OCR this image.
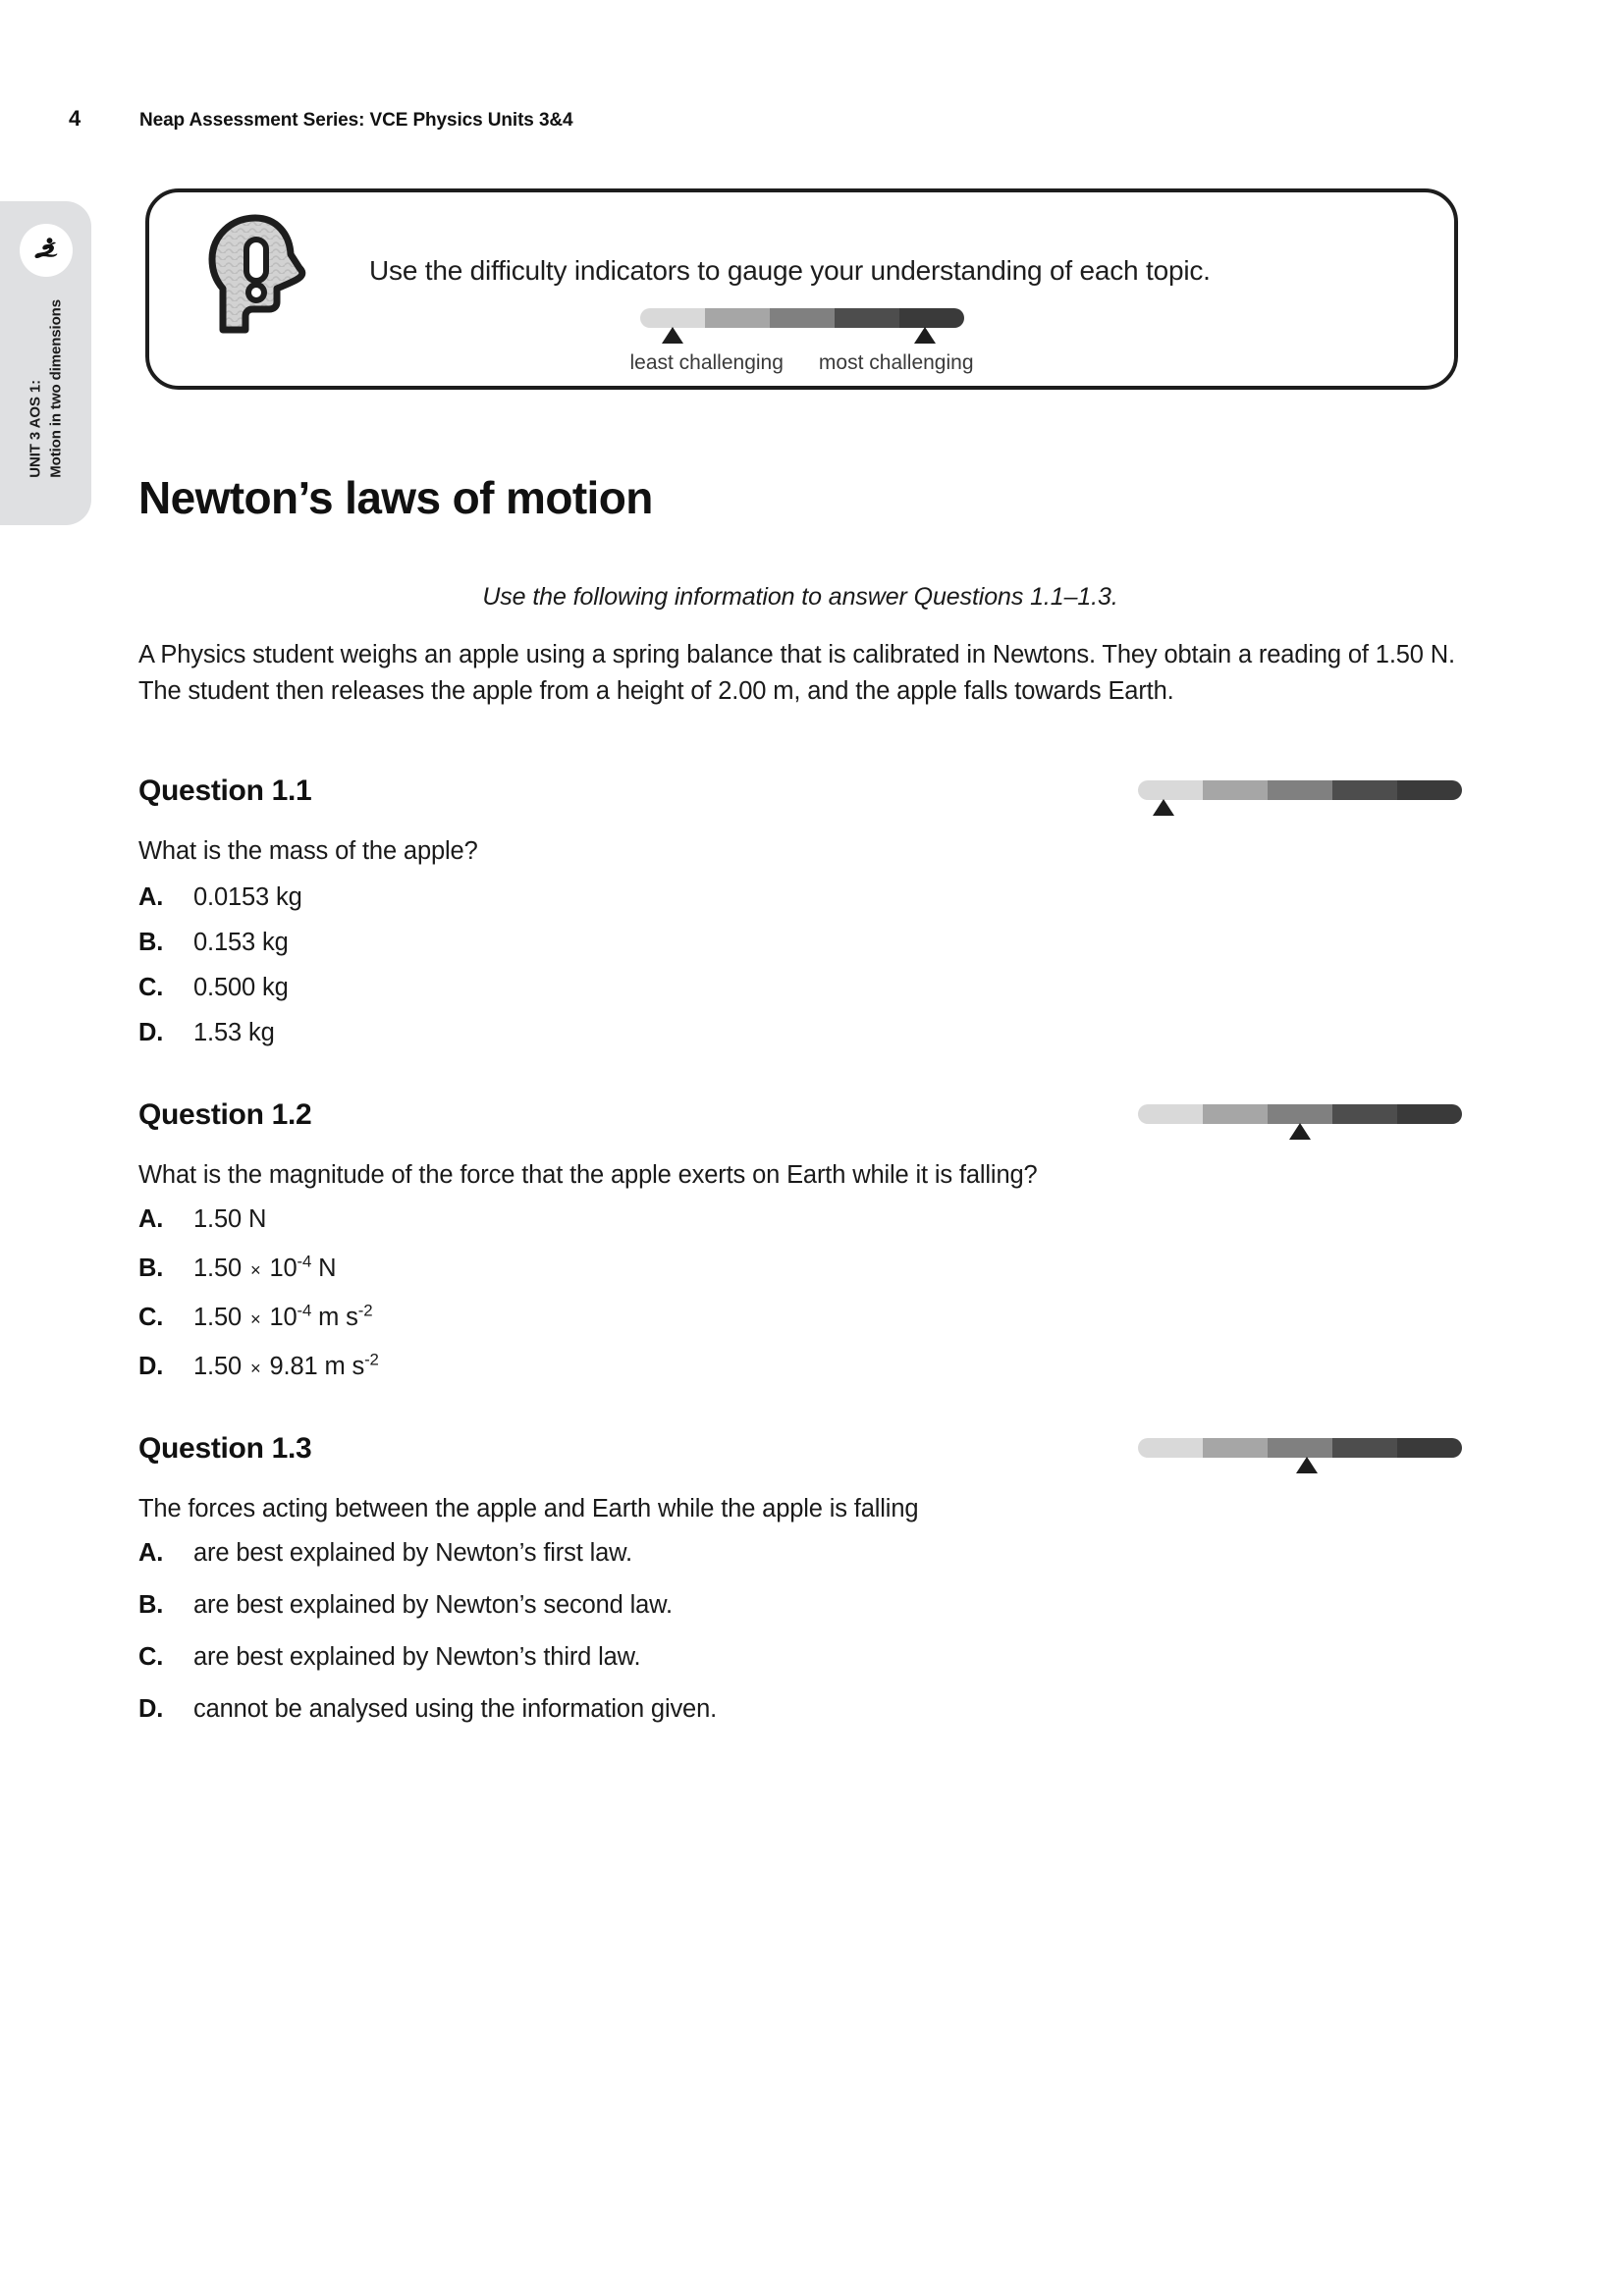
4	Neap Assessment Series: VCE Physics Units 3&4
UNIT 3 AOS 1: Motion in two dimensions
Use the difficulty indicators to gauge your understanding of each topic.
least challenging most challenging
Newton’s laws of motion

Use the following information to answer Questions 1.1–1.3.

A Physics student weighs an apple using a spring balance that is calibrated in Newtons. They obtain a reading of 1.50 N. The student then releases the apple from a height of 2.00 m, and the apple falls towards Earth.

Question 1.1
What is the mass of the apple?
A.	0.0153 kg
B.	0.153 kg
C.	0.500 kg
D.	1.53 kg
Question 1.2
What is the magnitude of the force that the apple exerts on Earth while it is falling?
A.	1.50 N
B.	$1.50 \times 10^{-4}$ N
C.	$1.50 \times 10^{-4}$ m $s^{-2}$
D.	1.50 × 9.81 m $s^{-2}$
Question 1.3
The forces acting between the apple and Earth while the apple is falling
A.	are best explained by Newton’s first law.
B.	are best explained by Newton’s second law.
C.	are best explained by Newton’s third law.
D.	cannot be analysed using the information given.
